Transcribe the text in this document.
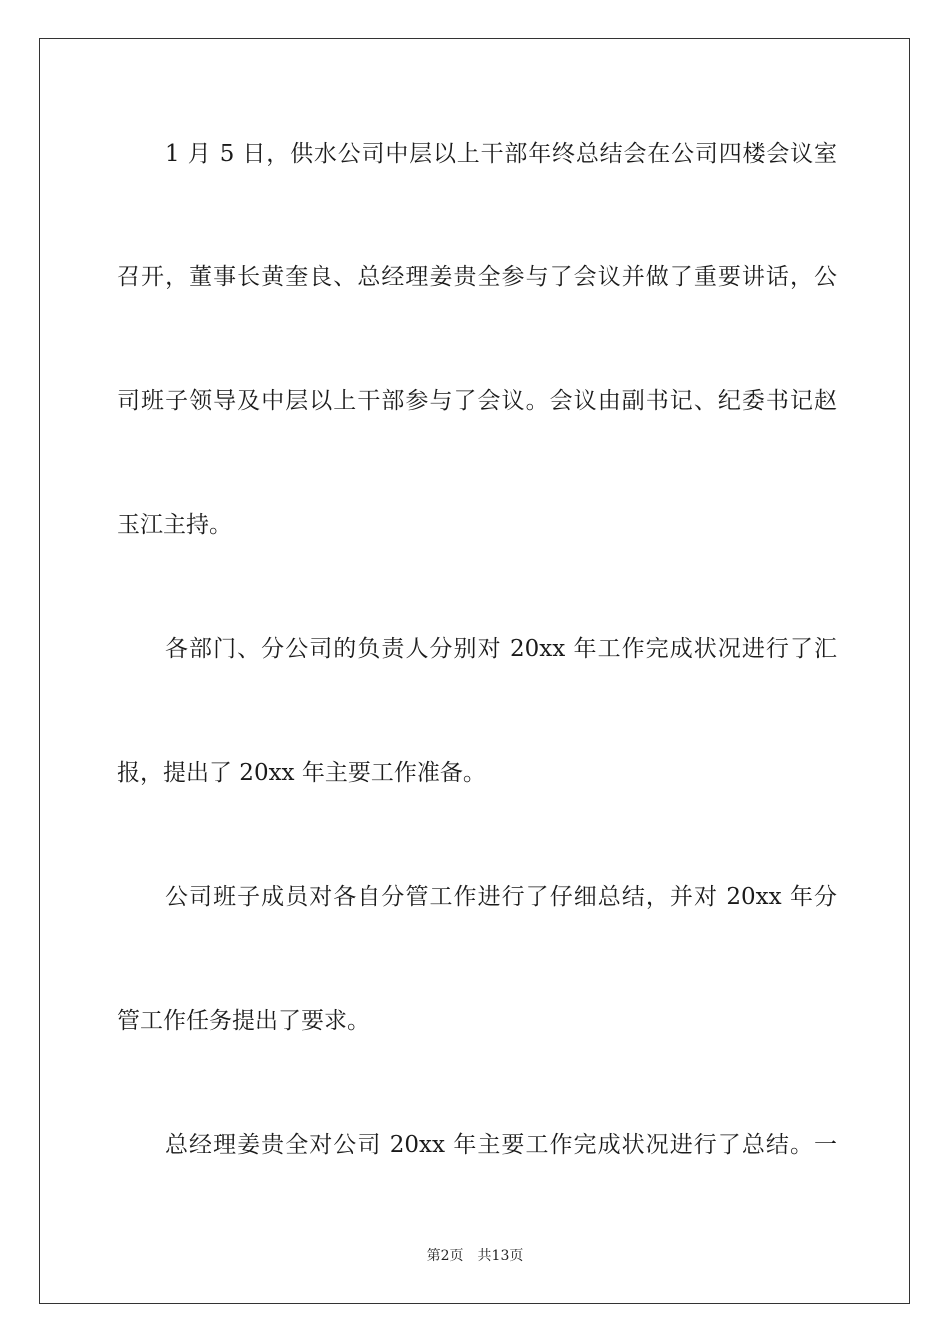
1 月 5 日，供水公司中层以上干部年终总结会在公司四楼会议室
召开，董事长黄奎良、总经理姜贵全参与了会议并做了重要讲话，公
司班子领导及中层以上干部参与了会议。会议由副书记、纪委书记赵
玉江主持。
各部门、分公司的负责人分别对 20xx 年工作完成状况进行了汇
报，提出了 20xx 年主要工作准备。
公司班子成员对各自分管工作进行了仔细总结，并对 20xx 年分
管工作任务提出了要求。
总经理姜贵全对公司 20xx 年主要工作完成状况进行了总结。一
第2页 共13页
